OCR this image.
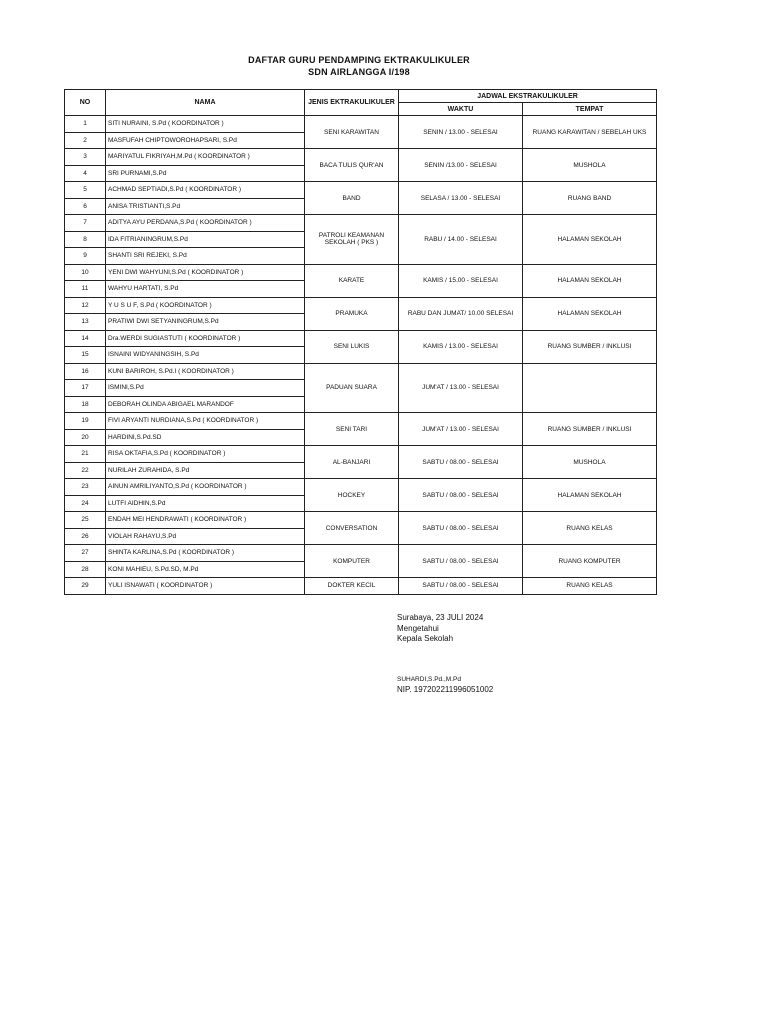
DAFTAR GURU PENDAMPING EKTRAKULIKULER
SDN AIRLANGGA I/198
NO	NAMA	JENIS EKTRAKULIKULER	JADWAL EKSTRAKULIKULER	
			WAKTU	TEMPAT
1	SITI NURAINI, S.Pd ( KOORDINATOR )	SENI KARAWITAN	SENIN / 13.00 - SELESAI	RUANG KARAWITAN / SEBELAH UKS
2	MASFUFAH CHIPTOWOROHAPSARI, S.Pd			
3	MARIYATUL FIKRIYAH,M.Pd ( KOORDINATOR )	BACA TULIS QUR'AN	SENIN /13.00 - SELESAI	MUSHOLA
4	SRI PURNAMI,S.Pd			
5	ACHMAD SEPTIADI,S.Pd ( KOORDINATOR )	BAND	SELASA / 13.00 - SELESAI	RUANG BAND
6	ANISA TRISTIANTI,S.Pd			
7	ADITYA AYU PERDANA,S.Pd ( KOORDINATOR )	PATROLI KEAMANAN SEKOLAH ( PKS )	RABU / 14.00 - SELESAI	HALAMAN SEKOLAH
8	IDA FITRIANINGRUM,S.Pd			
9	SHANTI SRI REJEKI, S.Pd			
10	YENI DWI WAHYUNI,S.Pd ( KOORDINATOR )	KARATE	KAMIS / 15.00 - SELESAI	HALAMAN SEKOLAH
11	WAHYU HARTATI, S.Pd			
12	Y U S U F, S.Pd ( KOORDINATOR )	PRAMUKA	RABU DAN JUMAT/ 10.00 SELESAI	HALAMAN SEKOLAH
13	PRATIWI DWI SETYANINGRUM,S.Pd			
14	Dra.WERDI SUGIASTUTI ( KOORDINATOR )	SENI LUKIS	KAMIS / 13.00 - SELESAI	RUANG SUMBER / INKLUSI
15	ISNAINI WIDYANINGSIH, S.Pd			
16	KUNI BARIROH, S.Pd.I ( KOORDINATOR )	PADUAN SUARA	JUM'AT / 13.00 - SELESAI	
17	ISMINI,S.Pd			
18	DEBORAH OLINDA ABIGAEL MARANDOF			
19	FIVI ARYANTI NURDIANA,S.Pd ( KOORDINATOR )	SENI TARI	JUM'AT / 13.00 - SELESAI	RUANG SUMBER / INKLUSI
20	HARDINI,S.Pd.SD			
21	RISA OKTAFIA,S.Pd ( KOORDINATOR )	AL-BANJARI	SABTU / 08.00 - SELESAI	MUSHOLA
22	NURILAH ZURAHIDA, S.Pd			
23	AINUN AMRILIYANTO,S.Pd ( KOORDINATOR )	HOCKEY	SABTU / 08.00 - SELESAI	HALAMAN SEKOLAH
24	LUTFI AIDHIN,S.Pd			
25	ENDAH MEI HENDRAWATI ( KOORDINATOR )	CONVERSATION	SABTU / 08.00 - SELESAI	RUANG KELAS
26	VIOLAH RAHAYU,S.Pd			
27	SHINTA KARLINA,S.Pd ( KOORDINATOR )	KOMPUTER	SABTU / 08.00 - SELESAI	RUANG KOMPUTER
28	KONI MAHIEU, S.Pd.SD, M.Pd			
29	YULI ISNAWATI ( KOORDINATOR )	DOKTER KECIL	SABTU / 08.00 - SELESAI	RUANG KELAS
Surabaya, 23 JULI 2024
Mengetahui
Kepala Sekolah
SUHARDI,S.Pd.,M.Pd
NIP. 197202211996051002
